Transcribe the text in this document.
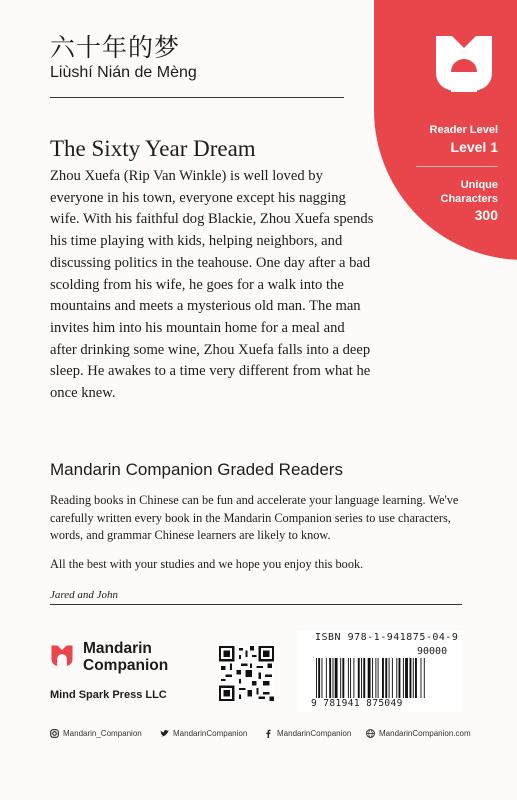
六十年的梦
Liùshí Nián de Mèng
Reader Level
Level 1
Unique
Characters
300
The Sixty Year Dream
Zhou Xuefa (Rip Van Winkle) is well loved by everyone in his town, everyone except his nagging wife. With his faithful dog Blackie, Zhou Xuefa spends his time playing with kids, helping neighbors, and discussing politics in the teahouse. One day after a bad scolding from his wife, he goes for a walk into the mountains and meets a mysterious old man. The man invites him into his mountain home for a meal and after drinking some wine, Zhou Xuefa falls into a deep sleep. He awakes to a time very different from what he once knew.
Mandarin Companion Graded Readers
Reading books in Chinese can be fun and accelerate your language learning. We've carefully written every book in the Mandarin Companion series to use characters, words, and grammar Chinese learners are likely to know.
All the best with your studies and we hope you enjoy this book.
Jared and John
Mandarin
Companion
Mind Spark Press LLC
ISBN 978-1-941875-04-9
90000
9 781941 875049
Mandarin_Companion	MandarinCompanion	MandarinCompanion	MandarinCompanion.com
